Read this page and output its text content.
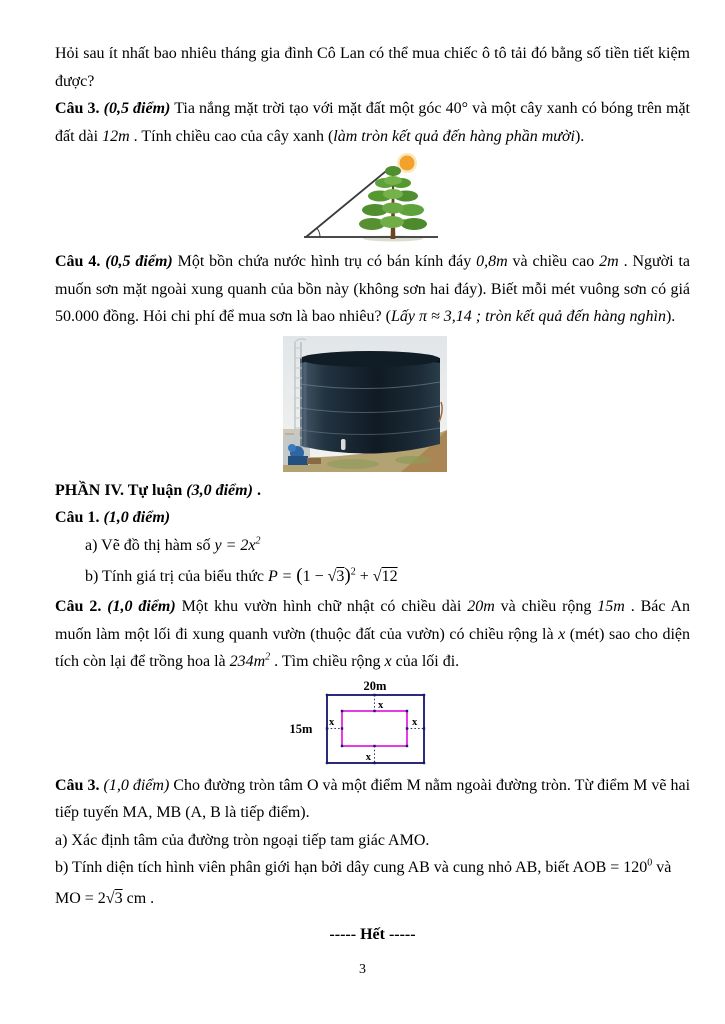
Hỏi sau ít nhất bao nhiêu tháng gia đình Cô Lan có thể mua chiếc ô tô tải đó bằng số tiền tiết kiệm được?

Câu 3. (0,5 điểm) Tia nắng mặt trời tạo với mặt đất một góc 40° và một cây xanh có bóng trên mặt đất dài 12m . Tính chiều cao của cây xanh (làm tròn kết quả đến hàng phần mười).

Câu 4. (0,5 điểm) Một bồn chứa nước hình trụ có bán kính đáy 0,8m và chiều cao 2m . Người ta muốn sơn mặt ngoài xung quanh của bồn này (không sơn hai đáy). Biết mỗi mét vuông sơn có giá 50.000 đồng. Hỏi chi phí để mua sơn là bao nhiêu? (Lấy π ≈ 3,14 ; tròn kết quả đến hàng nghìn).

PHẦN IV. Tự luận (3,0 điểm) .

Câu 1. (1,0 điểm)

a) Vẽ đồ thị hàm số $y = 2x^2$

b) Tính giá trị của biểu thức $P = (1 - √3)^2 + √12$

Câu 2. (1,0 điểm) Một khu vườn hình chữ nhật có chiều dài 20m và chiều rộng 15m . Bác An muốn làm một lối đi xung quanh vườn (thuộc đất của vườn) có chiều rộng là x (mét) sao cho diện tích còn lại để trồng hoa là $234m^2$ . Tìm chiều rộng x của lối đi.

20m
15m
x
x
x	x

Câu 3. (1,0 điểm) Cho đường tròn tâm O và một điểm M nằm ngoài đường tròn. Từ điểm M vẽ hai tiếp tuyến MA, MB (A, B là tiếp điểm).

a) Xác định tâm của đường tròn ngoại tiếp tam giác AMO.

b) Tính diện tích hình viên phân giới hạn bởi dây cung AB và cung nhỏ AB, biết AOB = $120^0$ và

MO = 2√3 cm .

----- Hết -----

3
